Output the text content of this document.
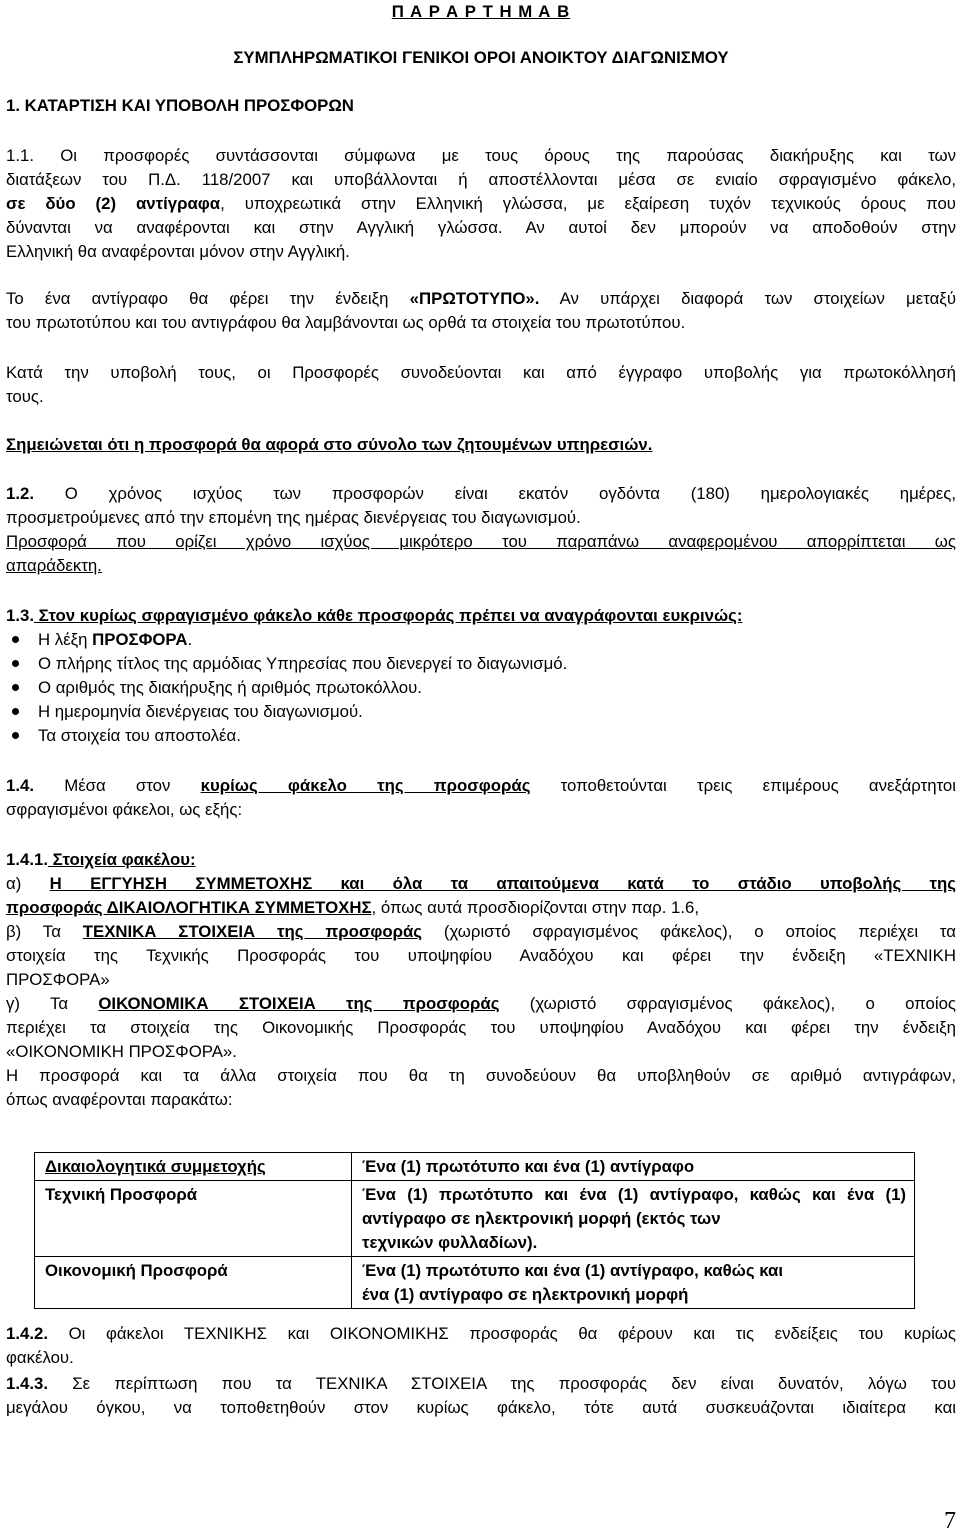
Π Α Ρ Α Ρ Τ Η Μ Α Β
ΣΥΜΠΛΗΡΩΜΑΤΙΚΟΙ ΓΕΝΙΚΟΙ ΟΡΟΙ ΑΝΟΙΚΤΟΥ ΔΙΑΓΩΝΙΣΜΟΥ
1. ΚΑΤΑΡΤΙΣΗ ΚΑΙ ΥΠΟΒΟΛΗ ΠΡΟΣΦΟΡΩΝ
1.1. Οι προσφορές συντάσσονται σύμφωνα με τους όρους της παρούσας διακήρυξης και των
διατάξεων του Π.Δ. 118/2007 και υποβάλλονται ή αποστέλλονται μέσα σε ενιαίο σφραγισμένο φάκελο,
σε δύο (2) αντίγραφα, υποχρεωτικά στην Ελληνική γλώσσα, με εξαίρεση τυχόν τεχνικούς όρους που
δύνανται να αναφέρονται και στην Αγγλική γλώσσα. Αν αυτοί δεν μπορούν να αποδοθούν στην
Ελληνική θα αναφέρονται μόνον στην Αγγλική.
Το ένα αντίγραφο θα φέρει την ένδειξη «ΠΡΩΤΟΤΥΠΟ». Αν υπάρχει διαφορά των στοιχείων μεταξύ
του πρωτοτύπου και του αντιγράφου θα λαμβάνονται ως ορθά τα στοιχεία του πρωτοτύπου.
Κατά την υποβολή τους, οι Προσφορές συνοδεύονται και από έγγραφο υποβολής για πρωτοκόλλησή
τους.
Σημειώνεται ότι η προσφορά θα αφορά στο σύνολο των ζητουμένων υπηρεσιών.
1.2. Ο χρόνος ισχύος των προσφορών είναι εκατόν ογδόντα (180) ημερολογιακές ημέρες,
προσμετρούμενες από την επομένη της ημέρας διενέργειας του διαγωνισμού.
Προσφορά που ορίζει χρόνο ισχύος μικρότερο του παραπάνω αναφερομένου απορρίπτεται ως
απαράδεκτη.
1.3. Στον κυρίως σφραγισμένο φάκελο κάθε προσφοράς πρέπει να αναγράφονται ευκρινώς:
Η λέξη ΠΡΟΣΦΟΡΑ.
Ο πλήρης τίτλος της αρμόδιας Υπηρεσίας που διενεργεί το διαγωνισμό.
Ο αριθμός της διακήρυξης ή αριθμός πρωτοκόλλου.
Η ημερομηνία διενέργειας του διαγωνισμού.
Τα στοιχεία του αποστολέα.
1.4. Μέσα στον κυρίως φάκελο της προσφοράς τοποθετούνται τρεις επιμέρους ανεξάρτητοι
σφραγισμένοι φάκελοι, ως εξής:
1.4.1. Στοιχεία φακέλου:
α) Η ΕΓΓΥΗΣΗ ΣΥΜΜΕΤΟΧΗΣ και όλα τα απαιτούμενα κατά το στάδιο υποβολής της
προσφοράς ΔΙΚΑΙΟΛΟΓΗΤΙΚΑ ΣΥΜΜΕΤΟΧΗΣ, όπως αυτά προσδιορίζονται στην παρ. 1.6,
β) Τα ΤΕΧΝΙΚΑ ΣΤΟΙΧΕΙΑ της προσφοράς (χωριστό σφραγισμένος φάκελος), ο οποίος περιέχει τα
στοιχεία της Τεχνικής Προσφοράς του υποψηφίου Αναδόχου και φέρει την ένδειξη «ΤΕΧΝΙΚΗ
ΠΡΟΣΦΟΡΑ»
γ) Τα ΟΙΚΟΝΟΜΙΚΑ ΣΤΟΙΧΕΙΑ της προσφοράς (χωριστό σφραγισμένος φάκελος), ο οποίος
περιέχει τα στοιχεία της Οικονομικής Προσφοράς του υποψηφίου Αναδόχου και φέρει την ένδειξη
«ΟΙΚΟΝΟΜΙΚΗ ΠΡΟΣΦΟΡΑ».
Η προσφορά και τα άλλα στοιχεία που θα τη συνοδεύουν θα υποβληθούν σε αριθμό αντιγράφων,
όπως αναφέρονται παρακάτω:
1.4.2. Οι φάκελοι ΤΕΧΝΙΚΗΣ και ΟΙΚΟΝΟΜΙΚΗΣ προσφοράς θα φέρουν και τις ενδείξεις του κυρίως
φακέλου.
1.4.3. Σε περίπτωση που τα ΤΕΧΝΙΚΑ ΣΤΟΙΧΕΙΑ της προσφοράς δεν είναι δυνατόν, λόγω του
μεγάλου όγκου, να τοποθετηθούν στον κυρίως φάκελο, τότε αυτά συσκευάζονται ιδιαίτερα και
Δικαιολογητικά συμμετοχής	Ένα (1) πρωτότυπο και ένα (1) αντίγραφο
Τεχνική Προσφορά	Ένα (1) πρωτότυπο και ένα (1) αντίγραφο, καθώς και ένα (1) αντίγραφο σε ηλεκτρονική μορφή (εκτός των
τεχνικών φυλλαδίων).

Οικονομική Προσφορά	Ένα (1) πρωτότυπο και ένα (1) αντίγραφο, καθώς και
ένα (1) αντίγραφο σε ηλεκτρονική μορφή
7
